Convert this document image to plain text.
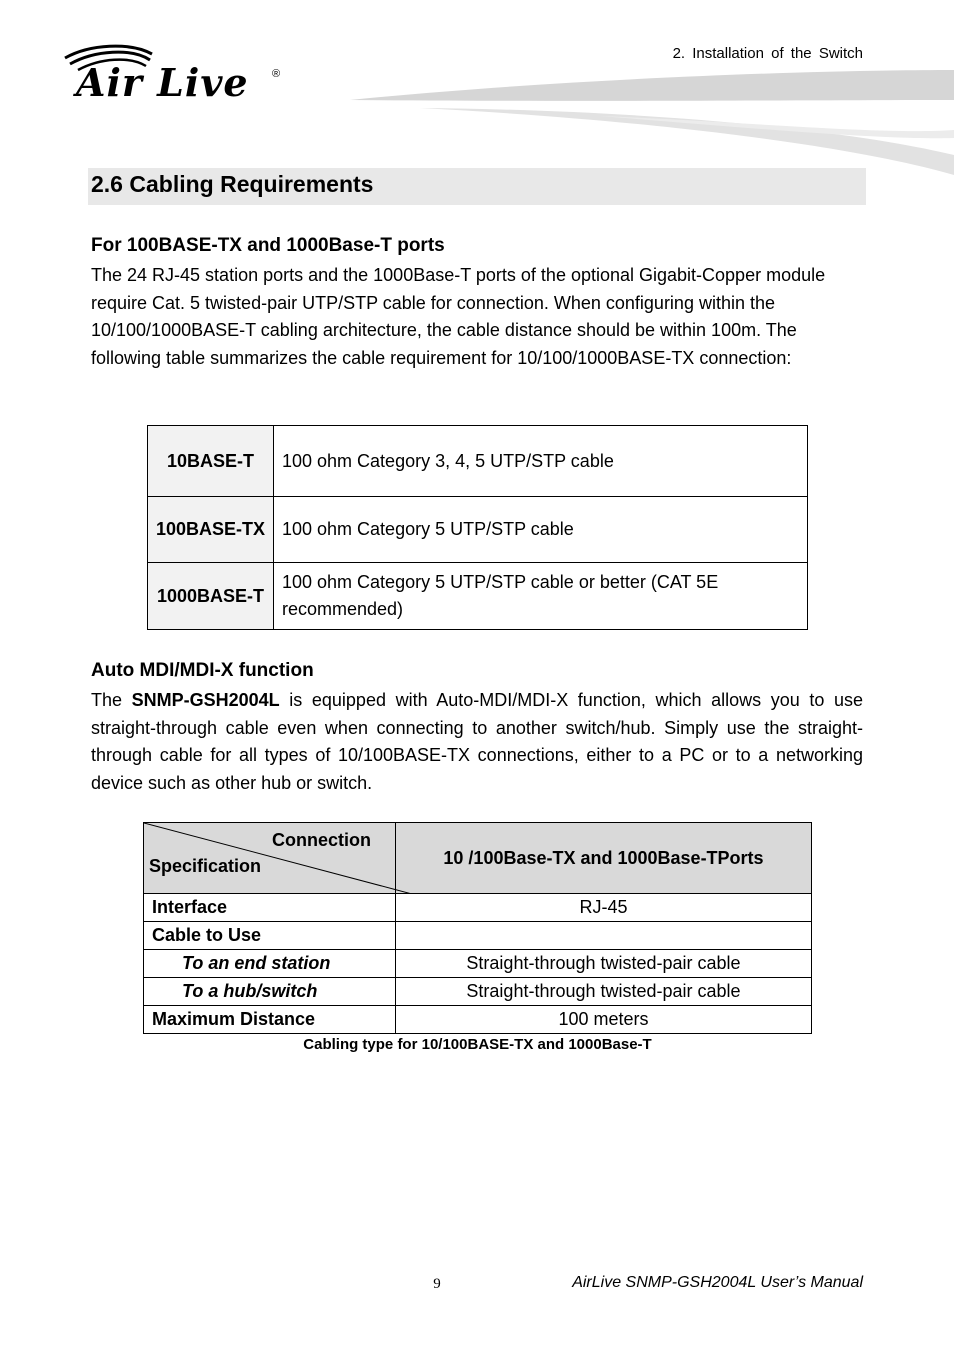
2. Installation of the Switch
Air Live ®
2.6 Cabling Requirements
For 100BASE-TX and 1000Base-T ports
The 24 RJ-45 station ports and the 1000Base-T ports of the optional Gigabit-Copper module require Cat. 5 twisted-pair UTP/STP cable for connection. When configuring within the 10/100/1000BASE-T cabling architecture, the cable distance should be within 100m. The following table summarizes the cable requirement for 10/100/1000BASE-TX connection:
10BASE-T	100 ohm Category 3, 4, 5 UTP/STP cable
100BASE-TX	100 ohm Category 5 UTP/STP cable
1000BASE-T	100 ohm Category 5 UTP/STP cable or better (CAT 5E recommended)
Auto MDI/MDI-X function
The SNMP-GSH2004L is equipped with Auto-MDI/MDI-X function, which allows you to use straight-through cable even when connecting to another switch/hub. Simply use the straight-through cable for all types of 10/100BASE-TX connections, either to a PC or to a networking device such as other hub or switch.
Connection
Specification	10 /100Base-TX and 1000Base-TPorts
Interface	RJ-45
Cable to Use	
To an end station	Straight-through twisted-pair cable
To a hub/switch	Straight-through twisted-pair cable
Maximum Distance	100 meters
Cabling type for 10/100BASE-TX and 1000Base-T
9	AirLive SNMP-GSH2004L User’s Manual
